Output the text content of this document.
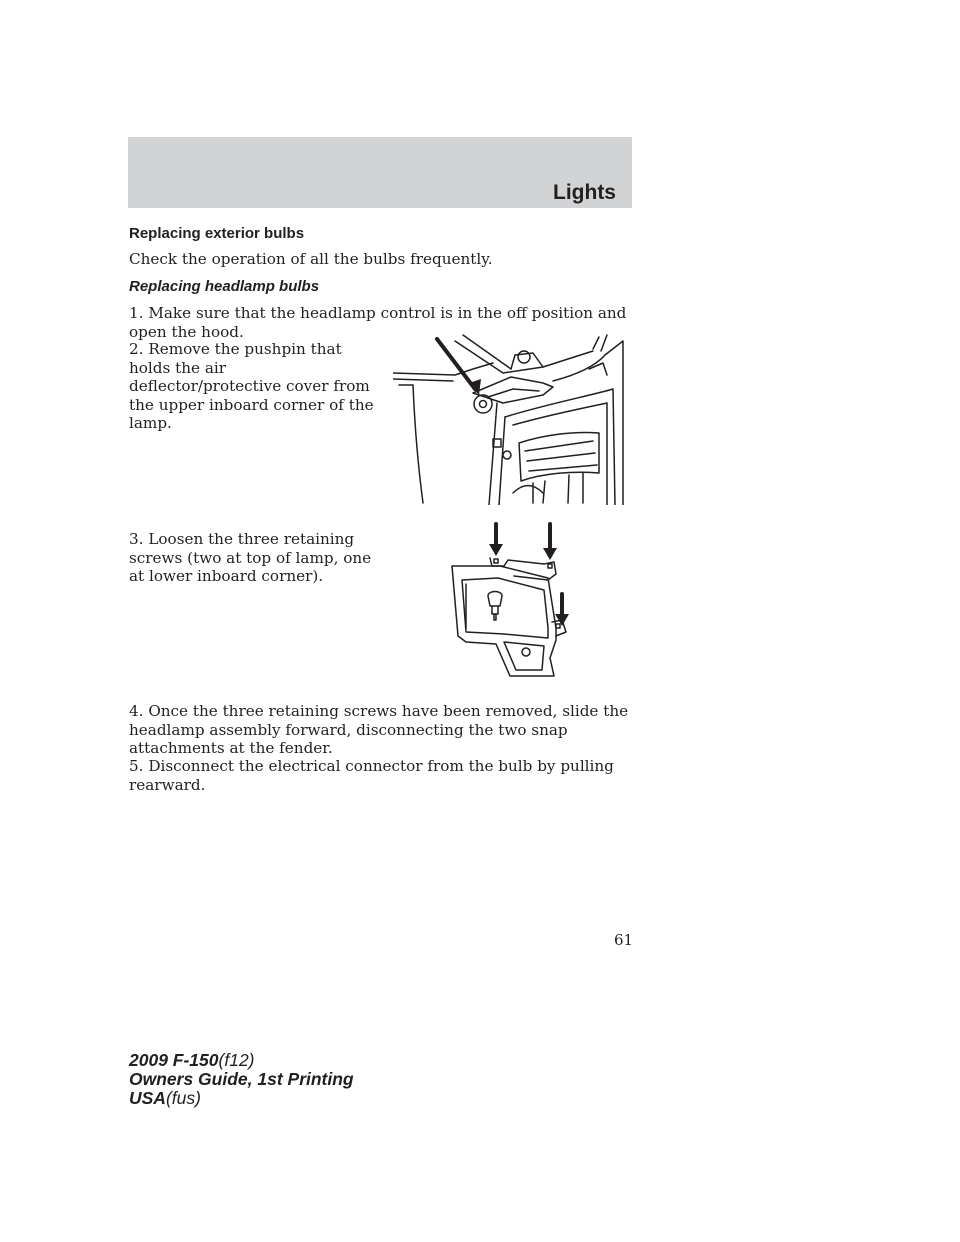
Lights
Replacing exterior bulbs

Check the operation of all the bulbs frequently.

Replacing headlamp bulbs

1. Make sure that the headlamp control is in the off position and open the hood.

2. Remove the pushpin that holds the air deflector/protective cover from the upper inboard corner of the lamp.

3. Loosen the three retaining screws (two at top of lamp, one at lower inboard corner).

4. Once the three retaining screws have been removed, slide the headlamp assembly forward, disconnecting the two snap attachments at the fender.

5. Disconnect the electrical connector from the bulb by pulling rearward.

61
2009 F-150(f12)
Owners Guide, 1st Printing
USA(fus)
